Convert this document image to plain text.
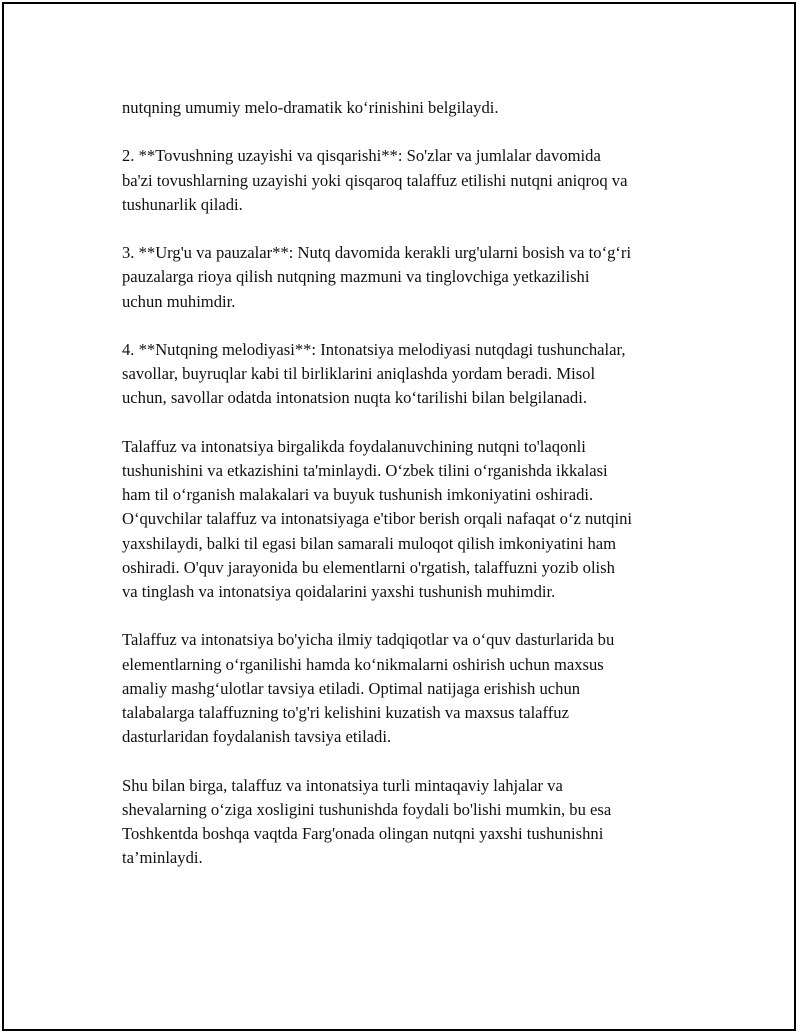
nutqning umumiy melo-dramatik koʻrinishini belgilaydi.

2. **Tovushning uzayishi va qisqarishi**: So'zlar va jumlalar davomida
ba'zi tovushlarning uzayishi yoki qisqaroq talaffuz etilishi nutqni aniqroq va
tushunarlik qiladi.

3. **Urg'u va pauzalar**: Nutq davomida kerakli urg'ularni bosish va toʻgʻri
pauzalarga rioya qilish nutqning mazmuni va tinglovchiga yetkazilishi
uchun muhimdir.

4. **Nutqning melodiyasi**: Intonatsiya melodiyasi nutqdagi tushunchalar,
savollar, buyruqlar kabi til birliklarini aniqlashda yordam beradi. Misol
uchun, savollar odatda intonatsion nuqta koʻtarilishi bilan belgilanadi.

Talaffuz va intonatsiya birgalikda foydalanuvchining nutqni to'laqonli
tushunishini va etkazishini ta'minlaydi. Oʻzbek tilini oʻrganishda ikkalasi
ham til oʻrganish malakalari va buyuk tushunish imkoniyatini oshiradi.
Oʻquvchilar talaffuz va intonatsiyaga e'tibor berish orqali nafaqat oʻz nutqini
yaxshilaydi, balki til egasi bilan samarali muloqot qilish imkoniyatini ham
oshiradi. O'quv jarayonida bu elementlarni o'rgatish, talaffuzni yozib olish
va tinglash va intonatsiya qoidalarini yaxshi tushunish muhimdir.

Talaffuz va intonatsiya bo'yicha ilmiy tadqiqotlar va oʻquv dasturlarida bu
elementlarning oʻrganilishi hamda koʻnikmalarni oshirish uchun maxsus
amaliy mashgʻulotlar tavsiya etiladi. Optimal natijaga erishish uchun
talabalarga talaffuzning to'g'ri kelishini kuzatish va maxsus talaffuz
dasturlaridan foydalanish tavsiya etiladi.

Shu bilan birga, talaffuz va intonatsiya turli mintaqaviy lahjalar va
shevalarning oʻziga xosligini tushunishda foydali bo'lishi mumkin, bu esa
Toshkentda boshqa vaqtda Farg'onada olingan nutqni yaxshi tushunishni
ta’minlaydi.
